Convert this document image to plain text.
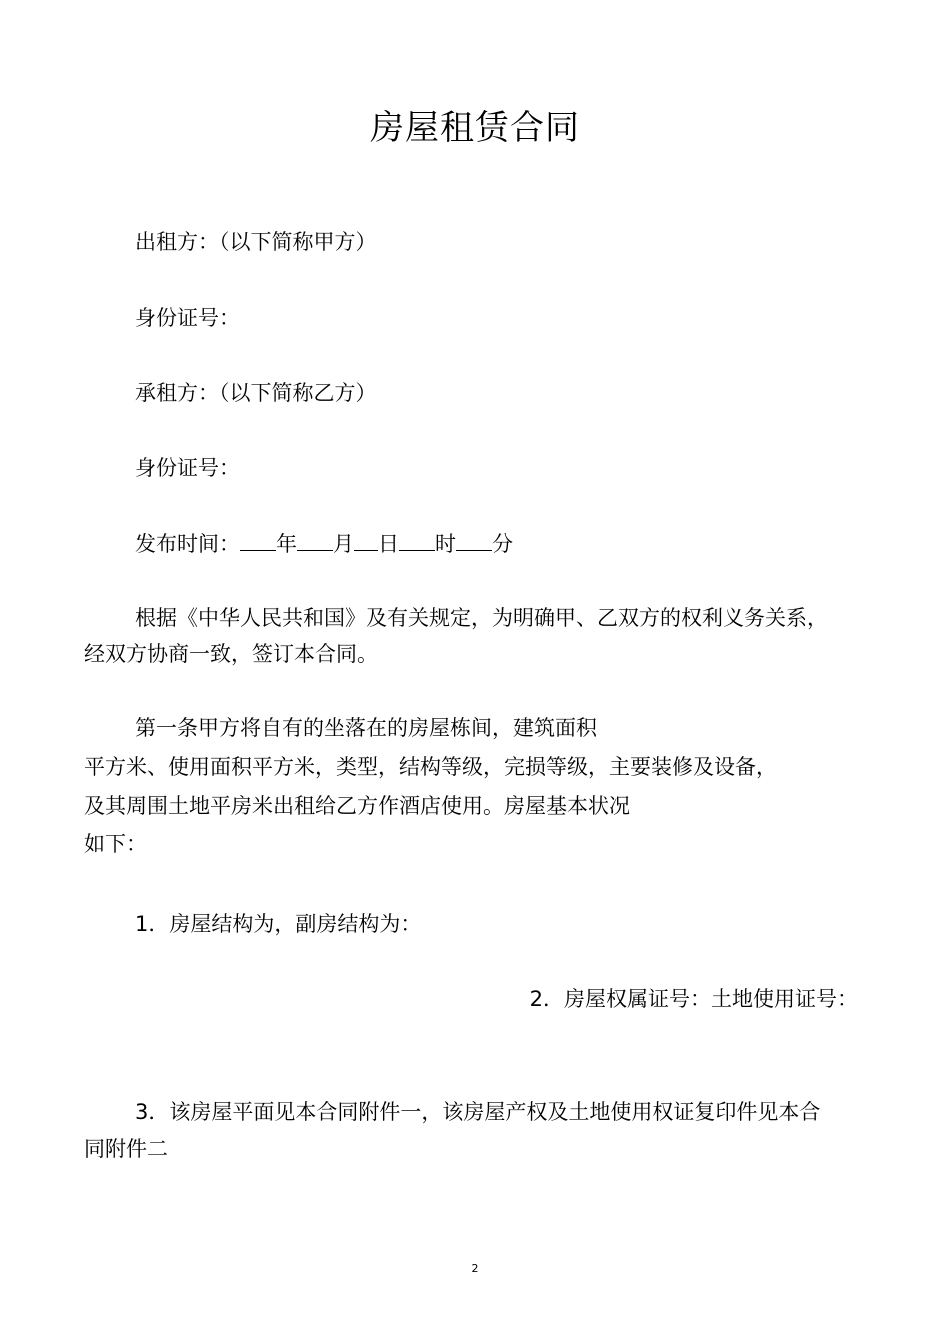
房屋租赁合同
出租方：（以下简称甲方）
身份证号：
承租方：（以下简称乙方）
身份证号：
发布时间： 年 月 日 时 分
根据《中华人民共和国》及有关规定，为明确甲、乙双方的权利义务关系，
经双方协商一致，签订本合同。
第一条甲方将自有的坐落在的房屋栋间，建筑面积
平方米、使用面积平方米，类型，结构等级，完损等级，主要装修及设备，
及其周围土地平房米出租给乙方作酒店使用。房屋基本状况
如下：
1．房屋结构为，副房结构为：
2．房屋权属证号：土地使用证号：
3．该房屋平面见本合同附件一，该房屋产权及土地使用权证复印件见本合
同附件二
2
